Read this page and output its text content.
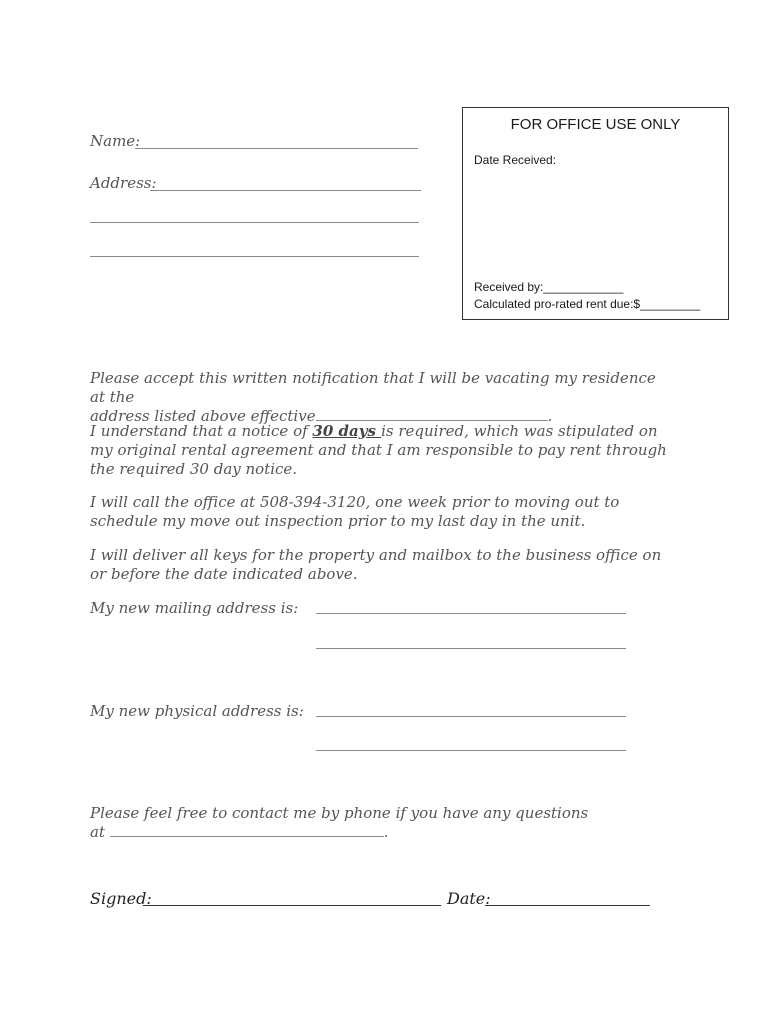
FOR OFFICE USE ONLY
Date Received:
Received by:____________
Calculated pro-rated rent due:$_________
Name:
Address:

Please accept this written notification that I will be vacating my residence at the
address listed above effective	.

I understand that a notice of 30 days is required, which was stipulated on my original rental agreement and that I am responsible to pay rent through the required 30 day notice.

I will call the office at 508-394-3120, one week prior to moving out to schedule my move out inspection prior to my last day in the unit.

I will deliver all keys for the property and mailbox to the business office on or before the date indicated above.

My new mailing address is:
My new physical address is:

Please feel free to contact me by phone if you have any questions
at	.

Signed:	Date:
